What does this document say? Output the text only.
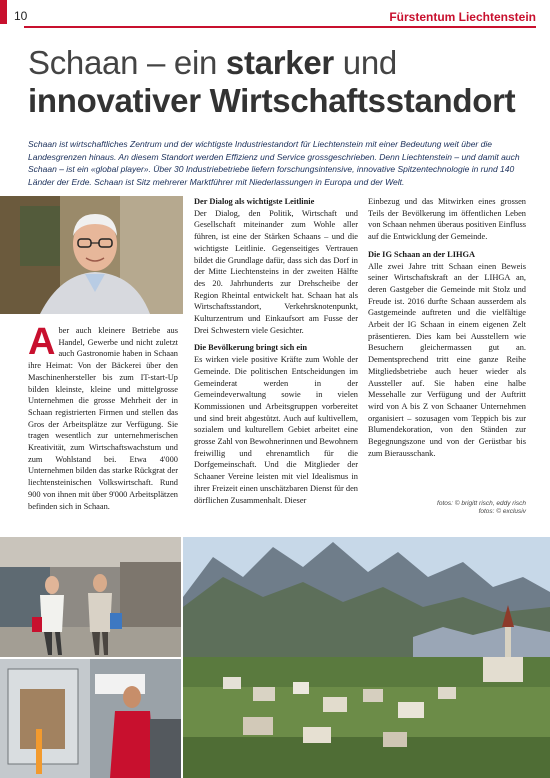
10	Fürstentum Liechtenstein
Schaan – ein starker und
innovativer Wirtschaftsstandort
Schaan ist wirtschaftliches Zentrum und der wichtigste Industriestandort für Liechtenstein mit einer Bedeutung weit über die Landesgrenzen hinaus. An diesem Standort werden Effizienz und Service grossgeschrieben. Denn Liechtenstein – und damit auch Schaan – ist ein «global player». Über 30 Industriebetriebe liefern forschungsintensive, innovative Spitzentechnologie in rund 140 Länder der Erde. Schaan ist Sitz mehrerer Marktführer mit Niederlassungen in Europa und der Welt.
Aber auch kleinere Betriebe aus Handel, Gewerbe und nicht zuletzt auch Gastronomie haben in Schaan ihre Heimat: Von der Bäckerei über den Maschinenhersteller bis zum IT-start-Up bilden kleinste, kleine und mittelgrosse Unternehmen die grosse Mehrheit der in Schaan registrierten Firmen und stellen das Gros der Arbeitsplätze zur Verfügung. Sie tragen wesentlich zur unternehmerischen Kreativität, zum Wirtschaftswachstum und zum Wohlstand bei. Etwa 4'000 Unternehmen bilden das starke Rückgrat der liechtensteinischen Volkswirtschaft. Rund 900 von ihnen mit über 9'000 Arbeitsplätzen befinden sich in Schaan.
Der Dialog als wichtigste Leitlinie

Der Dialog, den Politik, Wirtschaft und Gesellschaft miteinander zum Wohle aller führen, ist eine der Stärken Schaans – und die wichtigste Leitlinie. Gegenseitiges Vertrauen bildet die Grundlage dafür, dass sich das Dorf in der Mitte Liechtensteins in der zweiten Hälfte des 20. Jahrhunderts zur Drehscheibe der Region Rheintal entwickelt hat. Schaan hat als Wirtschaftsstandort, Verkehrsknotenpunkt, Kulturzentrum und Einkaufsort am Fusse der Drei Schwestern viele Gesichter.

Die Bevölkerung bringt sich ein

Es wirken viele positive Kräfte zum Wohle der Gemeinde. Die politischen Entscheidungen im Gemeinderat werden in der Gemeindeverwaltung sowie in vielen Kommissionen und Arbeitsgruppen vorbereitet und sind breit abgestützt. Auch auf kultivellem, sozialem und kulturellem Gebiet arbeitet eine grosse Zahl von Bewohnerinnen und Bewohnern freiwillig und ehrenamtlich für die Dorfgemeinschaft. Und die Mitglieder der Schaaner Vereine leisten mit viel Idealismus in ihrer Freizeit einen unschätzbaren Dienst für den dörflichen Zusammenhalt. Dieser

Einbezug und das Mitwirken eines grossen Teils der Bevölkerung im öffentlichen Leben von Schaan nehmen überaus positiven Einfluss auf die Entwicklung der Gemeinde.

Die IG Schaan an der LIHGA

Alle zwei Jahre tritt Schaan einen Beweis seiner Wirtschaftskraft an der LIHGA an, deren Gastgeber die Gemeinde mit Stolz und Freude ist. 2016 durfte Schaan ausserdem als Gastgemeinde auftreten und die vielfältige Arbeit der IG Schaan in einem eigenen Zelt präsentieren. Dies kam bei Ausstellern wie Besuchern gleichermassen gut an. Dementsprechend tritt eine ganze Reihe Mitgliedsbetriebe auch heuer wieder als Aussteller auf. Sie haben eine halbe Messehalle zur Verfügung und der Auftritt wird von A bis Z von Schaaner Unternehmen organisiert – sozusagen vom Teppich bis zur Blumendekoration, von den Ständen zur Begegnungszone und von der Gerüstbar bis zum Bierausschank.

fotos: © brigitt risch, eddy risch
fotos: © exclusiv
